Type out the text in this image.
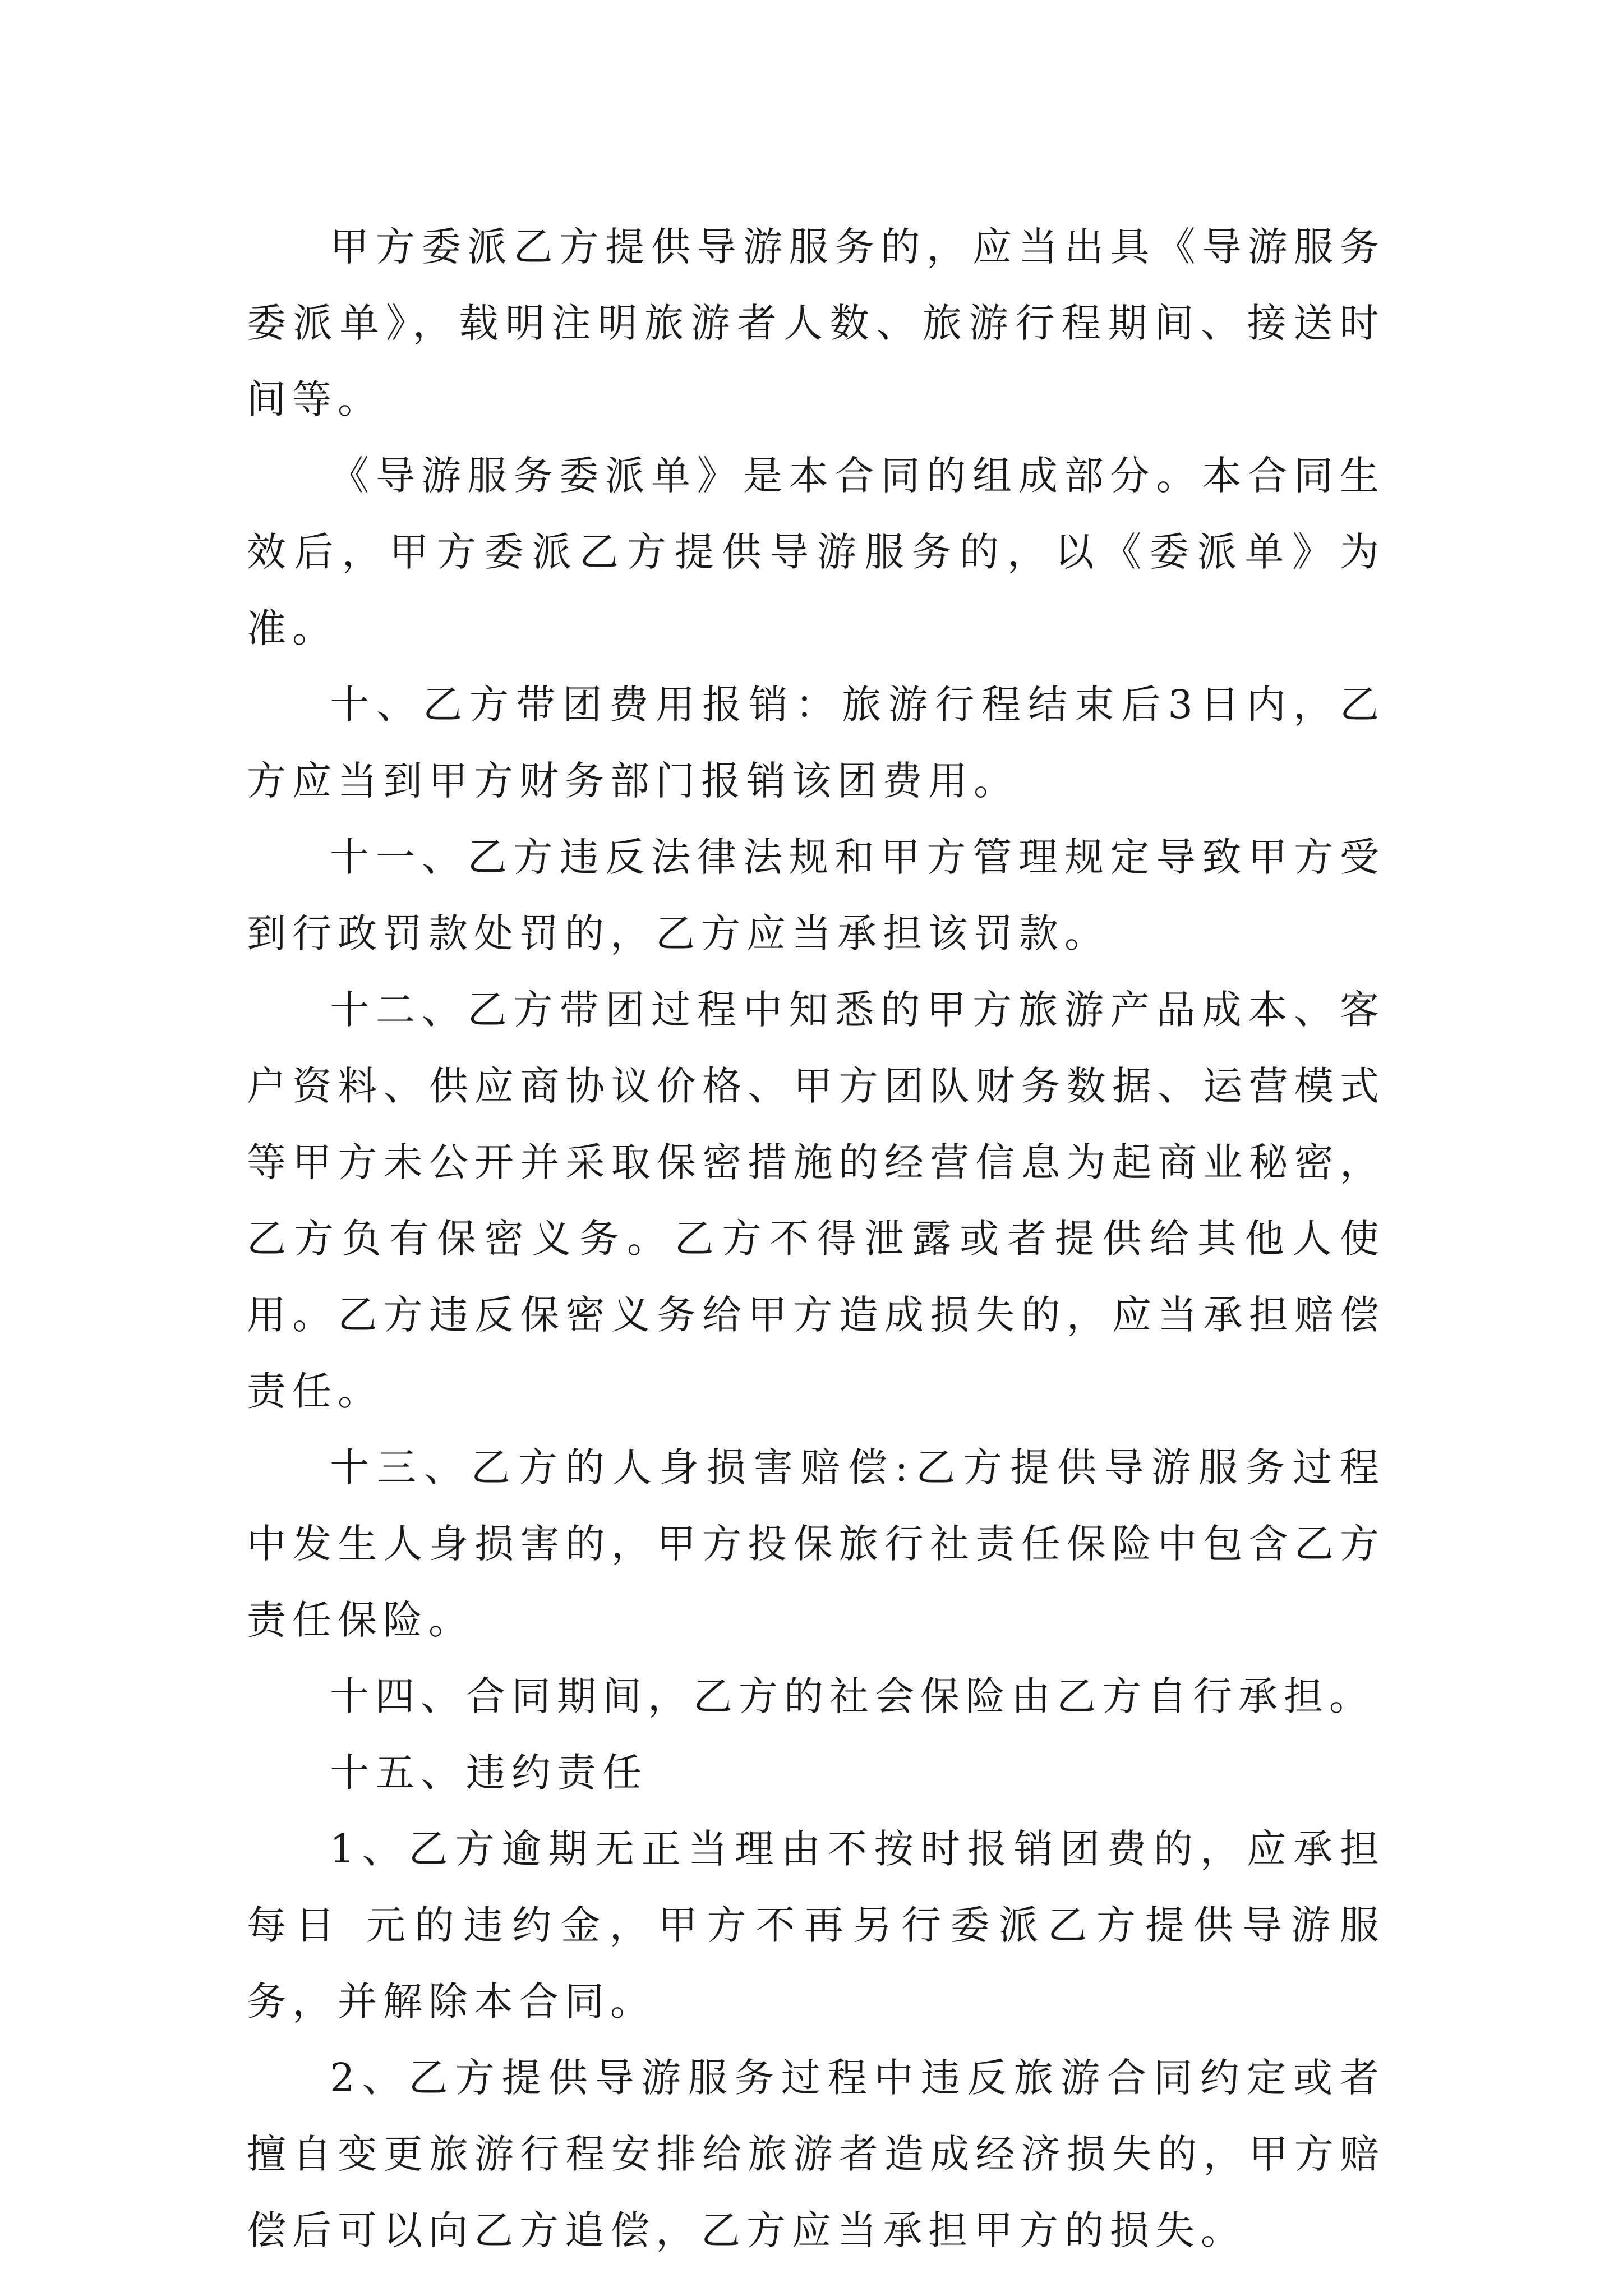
甲方委派乙方提供导游服务的，应当出具《导游服务委派单》，载明注明旅游者人数、旅游行程期间、接送时间等。

《导游服务委派单》是本合同的组成部分。本合同生效后，甲方委派乙方提供导游服务的，以《委派单》为准。

十、乙方带团费用报销：旅游行程结束后3日内，乙方应当到甲方财务部门报销该团费用。

十一、乙方违反法律法规和甲方管理规定导致甲方受到行政罚款处罚的，乙方应当承担该罚款。

十二、乙方带团过程中知悉的甲方旅游产品成本、客户资料、供应商协议价格、甲方团队财务数据、运营模式等甲方未公开并采取保密措施的经营信息为起商业秘密，乙方负有保密义务。乙方不得泄露或者提供给其他人使用。乙方违反保密义务给甲方造成损失的，应当承担赔偿责任。

十三、乙方的人身损害赔偿:乙方提供导游服务过程中发生人身损害的，甲方投保旅行社责任保险中包含乙方责任保险。

十四、合同期间，乙方的社会保险由乙方自行承担。

十五、违约责任

1、乙方逾期无正当理由不按时报销团费的，应承担每日 元的违约金，甲方不再另行委派乙方提供导游服务，并解除本合同。

2、乙方提供导游服务过程中违反旅游合同约定或者擅自变更旅游行程安排给旅游者造成经济损失的，甲方赔偿后可以向乙方追偿，乙方应当承担甲方的损失。
